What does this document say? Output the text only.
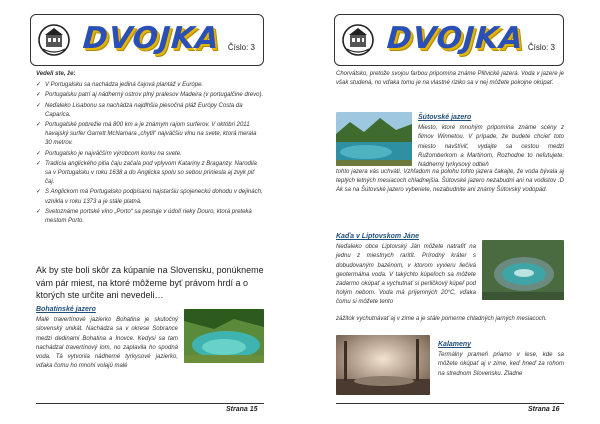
DVOJKA Číslo: 3
Vedeli ste, že:
✓ V Portugalsku sa nachádza jediná čajová plantáž v Európe.
✓ Portugalsku patrí aj nádherný ostrov plný pralesov Madeira (v portugalčine drevo).
✓ Neďaleko Lisabonu sa nachádza najdlhšia piesočná pláž Európy Costa da Caparica.
✓ Portugalské pobrežie má 800 km a je známym rajom surferov. V októbri 2011 havajský surfer Garrett McNamara „chytil“ najväčšiu vlnu na svete, ktorá merala 30 metrov.
✓ Portugalsko je najväčším výrobcom korku na svete.
✓ Tradícia anglického pitia čaju začala pod vplyvom Katariny z Braganzy. Narodila sa v Portugalsku v roku 1638 a do Anglicka spolu so sebou priniesla aj zvyk piť čaj.
✓ S Anglickom má Portugalsko podpísanú najstaršiu spojeneckú dohodu v dejinách, vznikla v roku 1373 a je stále platná.
✓ Svetoznáme portské víno „Porto“ sa pestuje v údolí rieky Douro, ktorá preteká mestom Porto.
Ak by ste boli skôr za kúpanie na Slovensku, ponúkneme vám pár miest, na ktoré môžeme byť právom hrdí a o ktorých ste určite ani nevedeli…
Bohatinské jazero
Malé travertínové jazierko Bohatina je skutočný slovenský unikát. Nachádza sa v okrese Sobrance medzi dedinami Bohatina a Inovce. Kedysi sa tam nachádzal travertínový lom, no zaplavila ho spodná voda. Tá vytvorila nádherné tyrkysové jazierko, vďaka čomu ho mnohí volajú malé
Strana 15
DVOJKA Číslo: 3
Chorvátsko, pretože svojou farbou pripomína známe Plitvické jazerá. Voda v jazere je však studená, no vďaka tomu je na vlastné riziko sa v nej môžete pokojne okúpať.
Šútovské jazero
Miesto, ktoré mnohým pripomína známe scény z filmov Winnetou. V prípade, že budete chcieť toto miesto navštíviť, vydajte sa cestou medzi Ružomberkom a Martinom, Rozhodne to neľutujete. Nádherný tyrkysový odtieň
tohto jazera vás uchváti. Vzhľadom na polohu tohto jazera čakajte, že voda bývala aj teplých letných mesiacoch chladnejšia. Šútovské jazero nezabudni ani na vodistov :D Ak sa na Šútovské jazero vyberiete, nezabudnite ani známy Šútovský vodopád.
Kaďa v Liptovskom Jáne
Neďaleko obce Liptovský Ján môžete natrafiť na jednu z miestnych raritít. Prírodný kráter s dobudovaným bazénom, v ktorom vyvieru liečivá geotermálna voda. V takýchto kúpeľoch sa môžete zadarmo okúpať a vychutnať si perličkový kúpeľ pod holým nebom. Voda má príjemných 20°C, vďaka čomu si môžete tento
zážitok vychutnávať aj v zime a je stále pomerne chladných jarných mesiacoch.
Kalameny
Termálny prameň priamo v lese, kde sa môžete okúpať aj v zime, keď hneď za rohom na strednom Slovensku. Zladne
Strana 16
